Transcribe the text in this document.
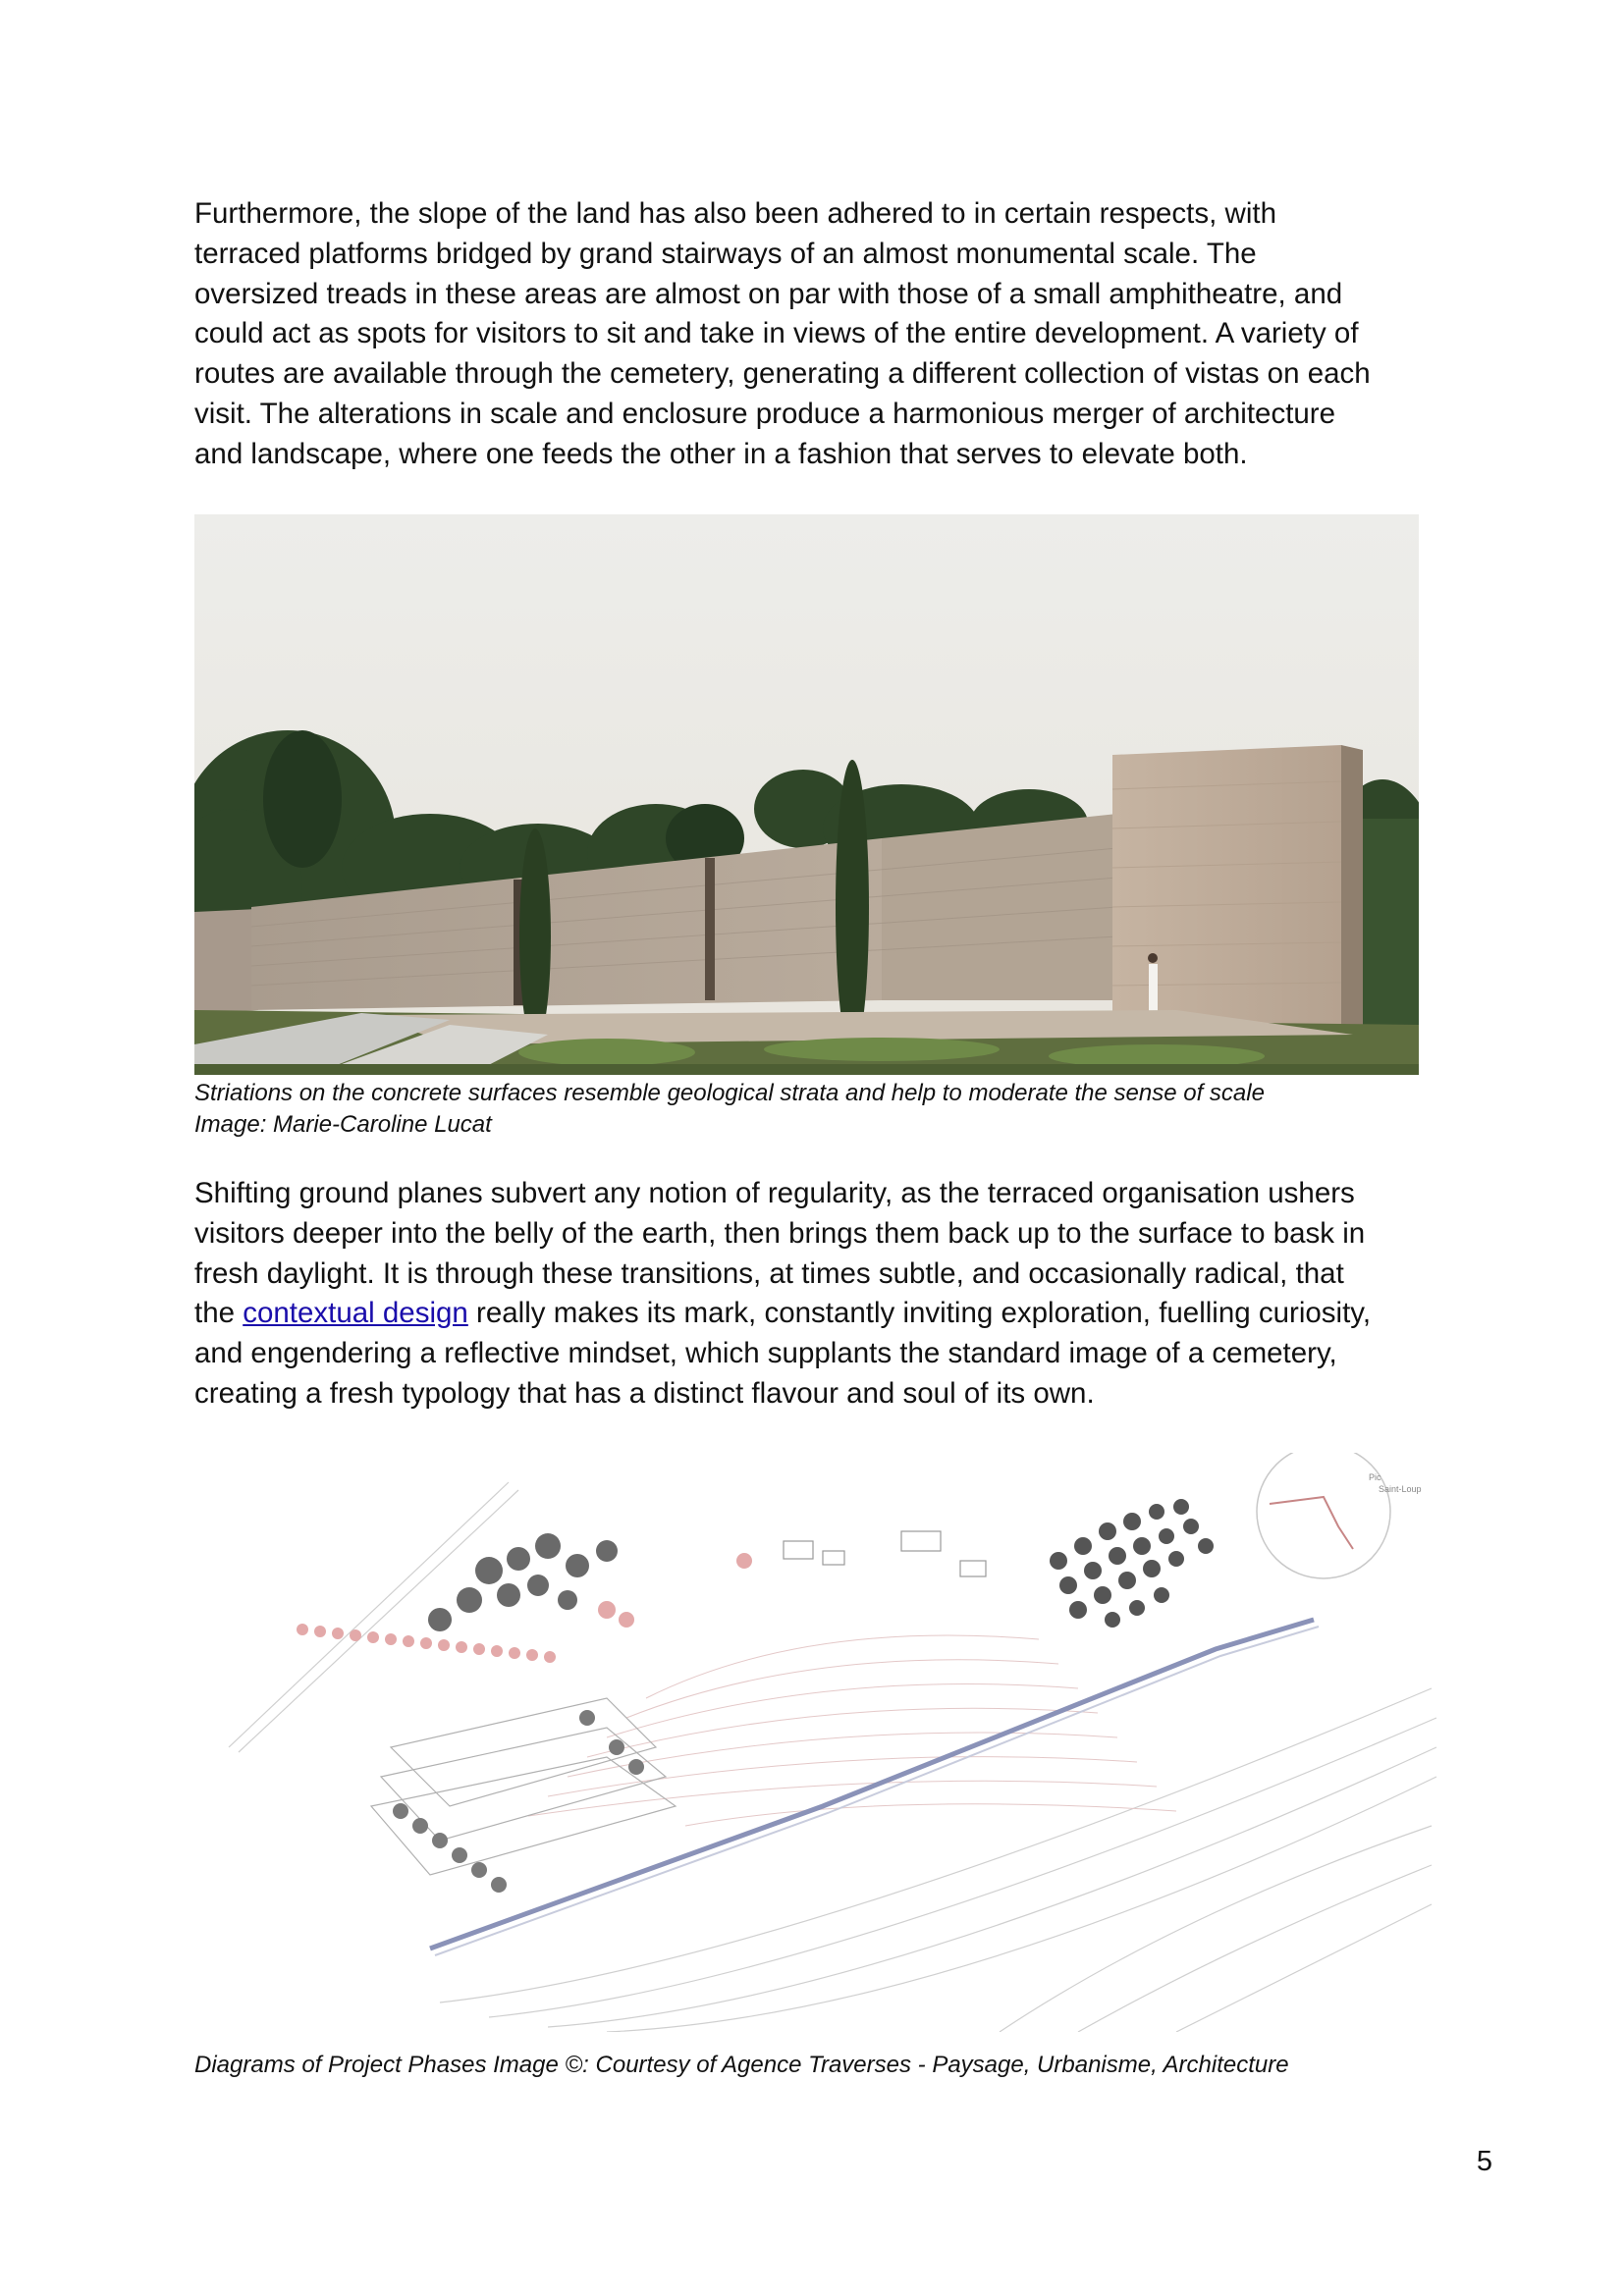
Furthermore, the slope of the land has also been adhered to in certain respects, with
terraced platforms bridged by grand stairways of an almost monumental scale. The
oversized treads in these areas are almost on par with those of a small amphitheatre, and
could act as spots for visitors to sit and take in views of the entire development. A variety of
routes are available through the cemetery, generating a different collection of vistas on each
visit. The alterations in scale and enclosure produce a harmonious merger of architecture
and landscape, where one feeds the other in a fashion that serves to elevate both.

Striations on the concrete surfaces resemble geological strata and help to moderate the sense of scale
Image: Marie-Caroline Lucat

Shifting ground planes subvert any notion of regularity, as the terraced organisation ushers
visitors deeper into the belly of the earth, then brings them back up to the surface to bask in
fresh daylight. It is through these transitions, at times subtle, and occasionally radical, that
the contextual design really makes its mark, constantly inviting exploration, fuelling curiosity,
and engendering a reflective mindset, which supplants the standard image of a cemetery,
creating a fresh typology that has a distinct flavour and soul of its own.

Pic
Saint-Loup

Diagrams of Project Phases Image ©: Courtesy of Agence Traverses - Paysage, Urbanisme, Architecture

5
